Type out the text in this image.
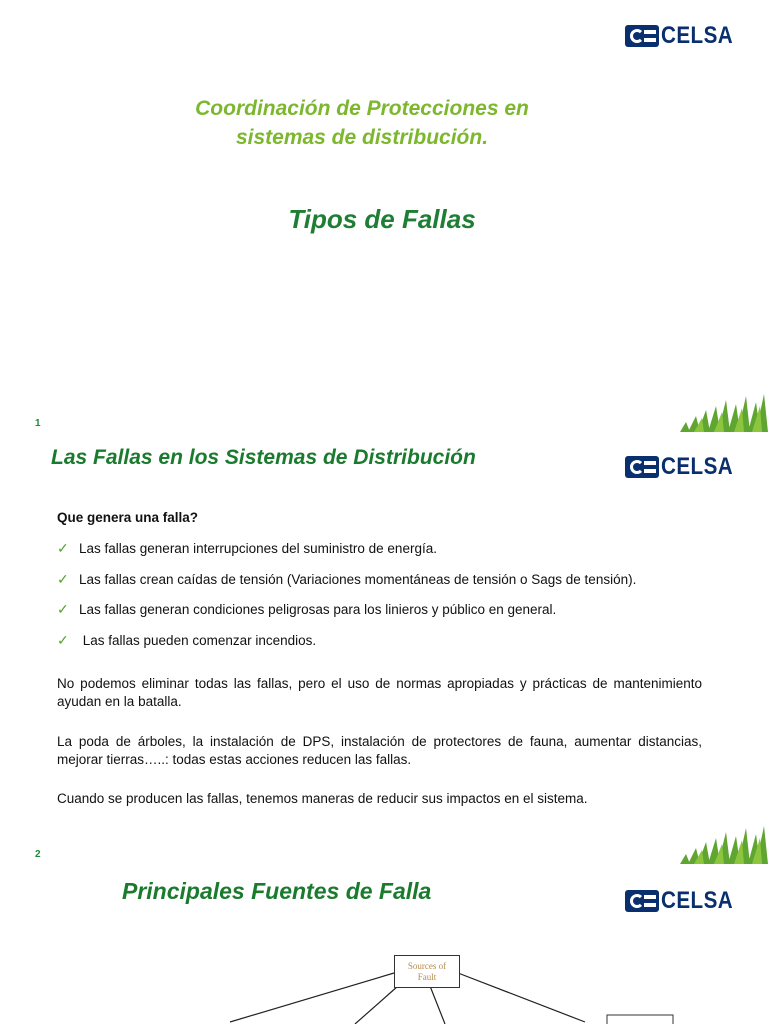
CELSA
Coordinación de Protecciones en
sistemas de distribución.
Tipos de Fallas
1
Las Fallas en los Sistemas de Distribución	CELSA
Que genera una falla?
✓ Las fallas generan interrupciones del suministro de energía.
✓ Las fallas crean caídas de tensión (Variaciones momentáneas de tensión o Sags de tensión).
✓ Las fallas generan condiciones peligrosas para los linieros y público en general.
✓ Las fallas pueden comenzar incendios.
No podemos eliminar todas las fallas, pero el uso de normas apropiadas y prácticas de mantenimiento ayudan en la batalla.
La poda de árboles, la instalación de DPS, instalación de protectores de fauna, aumentar distancias, mejorar tierras…..: todas estas acciones reducen las fallas.
Cuando se producen las fallas, tenemos maneras de reducir sus impactos en el sistema.
2
Principales Fuentes de Falla	CELSA
Sources of
Fault
